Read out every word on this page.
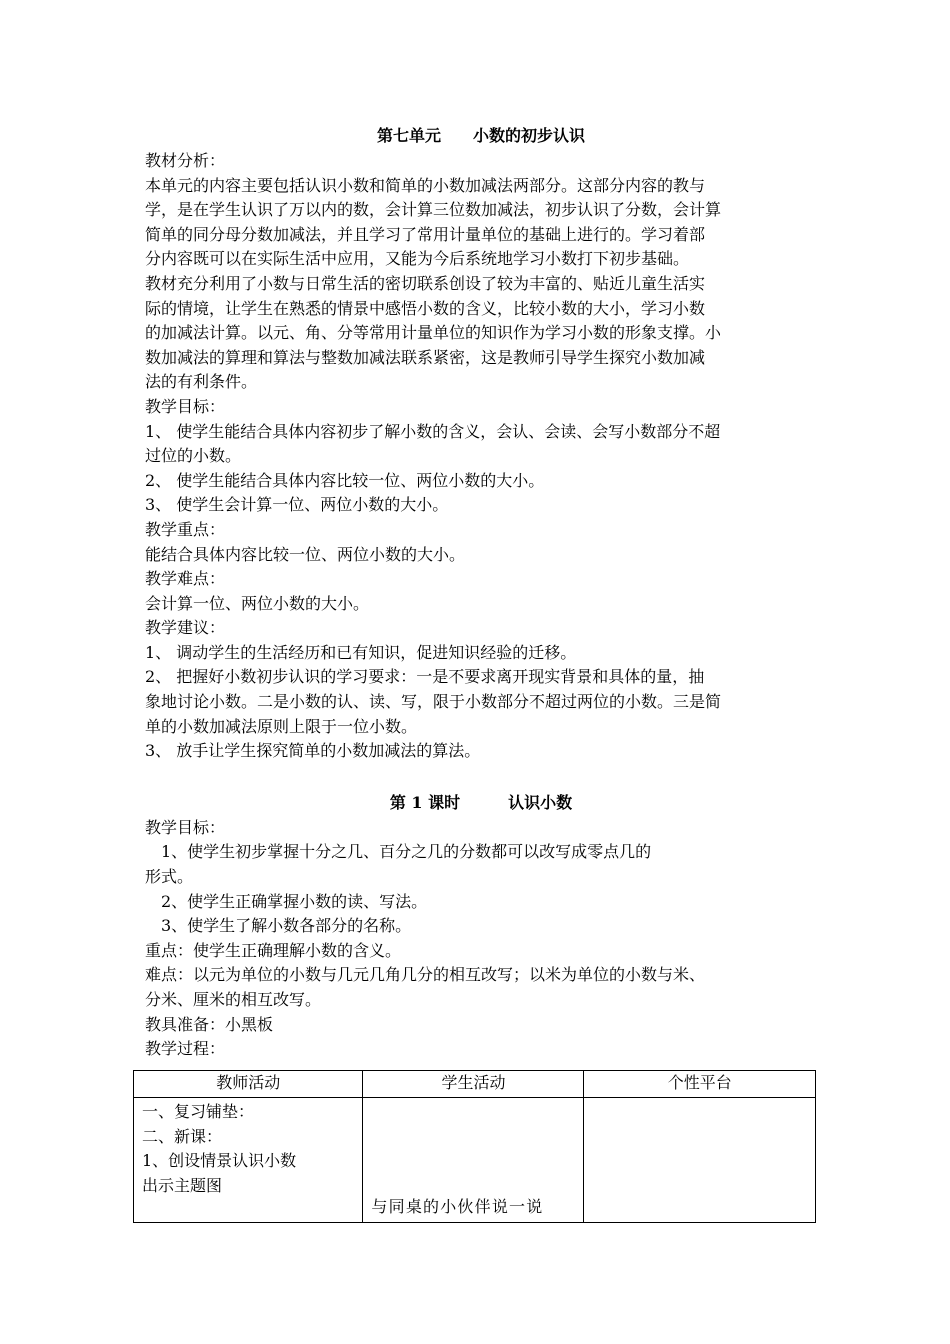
第七单元　　小数的初步认识

教材分析：

本单元的内容主要包括认识小数和简单的小数加减法两部分。这部分内容的教与

学，是在学生认识了万以内的数，会计算三位数加减法，初步认识了分数，会计算

简单的同分母分数加减法，并且学习了常用计量单位的基础上进行的。学习着部

分内容既可以在实际生活中应用，又能为今后系统地学习小数打下初步基础。

教材充分利用了小数与日常生活的密切联系创设了较为丰富的、贴近儿童生活实

际的情境，让学生在熟悉的情景中感悟小数的含义，比较小数的大小，学习小数

的加减法计算。以元、角、分等常用计量单位的知识作为学习小数的形象支撑。小

数加减法的算理和算法与整数加减法联系紧密，这是教师引导学生探究小数加减

法的有利条件。

教学目标：

1、 使学生能结合具体内容初步了解小数的含义，会认、会读、会写小数部分不超

过位的小数。

2、 使学生能结合具体内容比较一位、两位小数的大小。

3、 使学生会计算一位、两位小数的大小。

教学重点：

能结合具体内容比较一位、两位小数的大小。

教学难点：

会计算一位、两位小数的大小。

教学建议：

1、 调动学生的生活经历和已有知识，促进知识经验的迁移。

2、 把握好小数初步认识的学习要求：一是不要求离开现实背景和具体的量，抽

象地讨论小数。二是小数的认、读、写，限于小数部分不超过两位的小数。三是简

单的小数加减法原则上限于一位小数。

3、 放手让学生探究简单的小数加减法的算法。

第 1 课时　　　认识小数

教学目标：

　1、使学生初步掌握十分之几、百分之几的分数都可以改写成零点几的

形式。

　2、使学生正确掌握小数的读、写法。

　3、使学生了解小数各部分的名称。

重点：使学生正确理解小数的含义。

难点：以元为单位的小数与几元几角几分的相互改写；以米为单位的小数与米、

分米、厘米的相互改写。

教具准备：小黑板

教学过程：

教师活动	学生活动	个性平台

一、复习铺垫：
二、新课：
1、创设情景认识小数
出示主题图	与同桌的小伙伴说一说	
